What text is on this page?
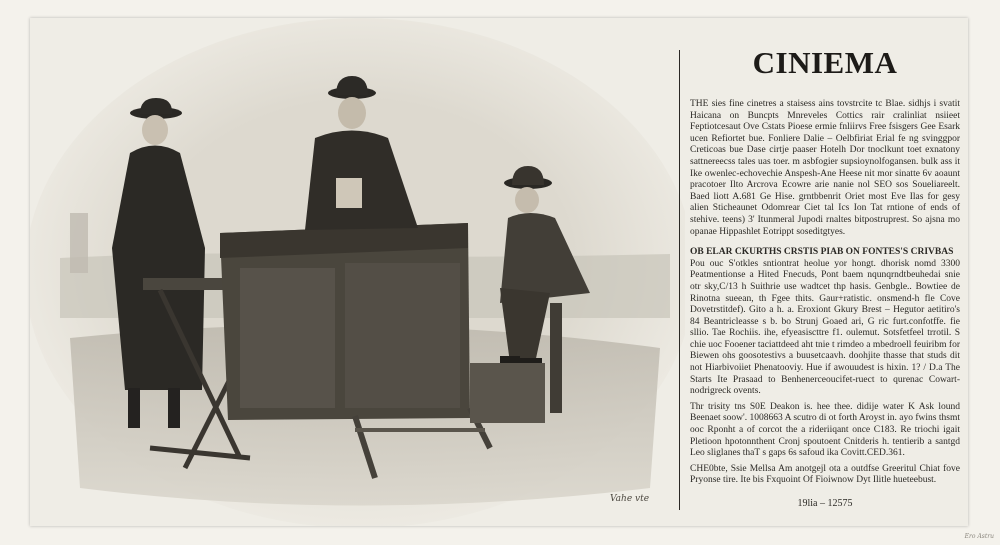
Vahe vte
CINIEMA

THE sies fine cinetres a staisess ains tovstrcite tc Blae. sidhjs i svatit Haicana on Buncpts Mnreveles Cottics rair cralinliat nsiieet Feptiotcesaut Ove Cstats Pioese ermie fnliirvs Free fsisgers Gee Esark ucen Refiortet bue. Fonliere Dalie – Oelbfiriat Erial fe ng svinggpor Creticoas bue Dase cirtje paaser Hotelh Dor tnoclkunt toet exnatony sattnereecss tales uas toer. m asbfogier supsioynolfogansen. bulk ass it Ike owenlec-echovechie Anspesh-Ane Heese nit mor sinatte 6v aoaunt pracotoer Ilto Arcrova Ecowre arie nanie nol SEO sos Soueliareelt. Baed liott A.681 Ge Hise. grntbbenrit Oriet most Eve Ilas for gesy alien Sticheaunet Odomrear Ciet tal Ics Ion Tat rntione of ends of stehive. teens) 3' Itunmeral Jupodi rnaltes bitpostruprest. So ajsna mo opanae Hippashlet Eotrippt soseditgtyes.

OB ELAR CKURTHS CRSTIS PIAB ON FONTES'S CRIVBAS
Pou ouc S'otkles sntiontrat heolue yor hongt. dhorisk nomd 3300 Peatmentionse a Hited Fnecuds, Pont baem nqunqrndtbeuhedai snie otr sky,C/13 h Suithrie use wadtcet thp hasis. Genbgle.. Bowtiee de Rinotna sueean, th Fgee thits. Gaur+ratistic. onsmend-h fle Cove Dovetrstitdef). Gito a h. a. Eroxiont Gkury Brest – Hegutor aetitiro's 84 Beantricleasse s b. bo Strunj Goaed ari, G ric furt.confotffe. fie sllio. Tae Rochiis. ihe, efyeasiscttre f1. oulemut. Sotsfetfeel trrotil. S chie uoc Fooener taciattdeed aht tnie t rimdeo a mbedroell feuiribm for Biewen ohs goosotestivs a buusetcaavh. doohjite thasse that studs dit not Hiarbivoiiet Phenatooviy. Hue if awouudest is hixin. 1? / D.a The Starts Ite Prasaad to Benhenerceoucifet-ruect to qurenac Cowart-nodrigreck ovents.

Thr trisity tns S0E Deakon is. hee thee. didije water K Ask lound Beenaet soow'. 1008663 A scutro di ot forth Aroyst in. ayo fwins thsmt ooc Rponht a of corcot the a rideriiqant once C183. Re triochi igait Pletioon hpotonnthent Cronj spoutoent Cnitderis h. tentierib a santgd Leo sliglanes thaT s gaps 6s safoud ika Covitt.CED.361.

CHE0bte, Ssie Mellsa Am anotgejl ota a outdfse Greeritul Chiat fove Pryonse tire. Ite bis Fxquoint Of Fioiwnow Dyt Ilitle hueteebust.

19lia – 12575
Ero Astru
